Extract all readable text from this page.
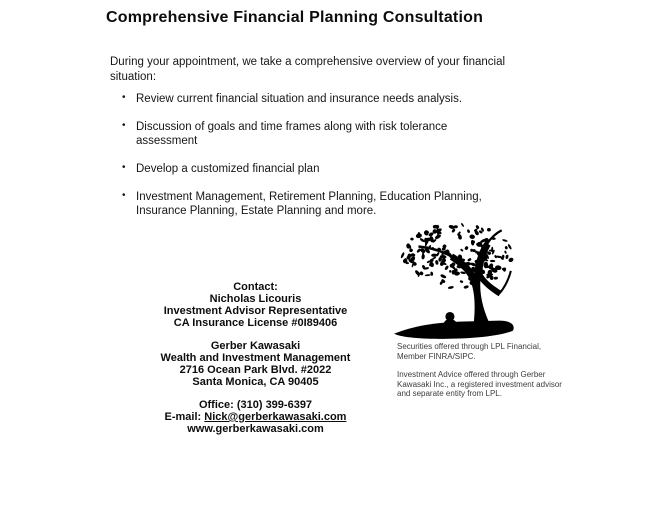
Comprehensive Financial Planning Consultation

During your appointment, we take a comprehensive overview of your financial situation:

• Review current financial situation and insurance needs analysis.
• Discussion of goals and time frames along with risk tolerance assessment
• Develop a customized financial plan
• Investment Management, Retirement Planning, Education Planning, Insurance Planning, Estate Planning and more.
Contact:
Nicholas Licouris
Investment Advisor Representative
CA Insurance License #0I89406
Gerber Kawasaki
Wealth and Investment Management
2716 Ocean Park Blvd. #2022
Santa Monica, CA 90405
Office: (310) 399-6397
E-mail: Nick@gerberkawasaki.com
www.gerberkawasaki.com

Securities offered through LPL Financial, Member FINRA/SIPC.

Investment Advice offered through Gerber Kawasaki Inc., a registered investment advisor and separate entity from LPL.
